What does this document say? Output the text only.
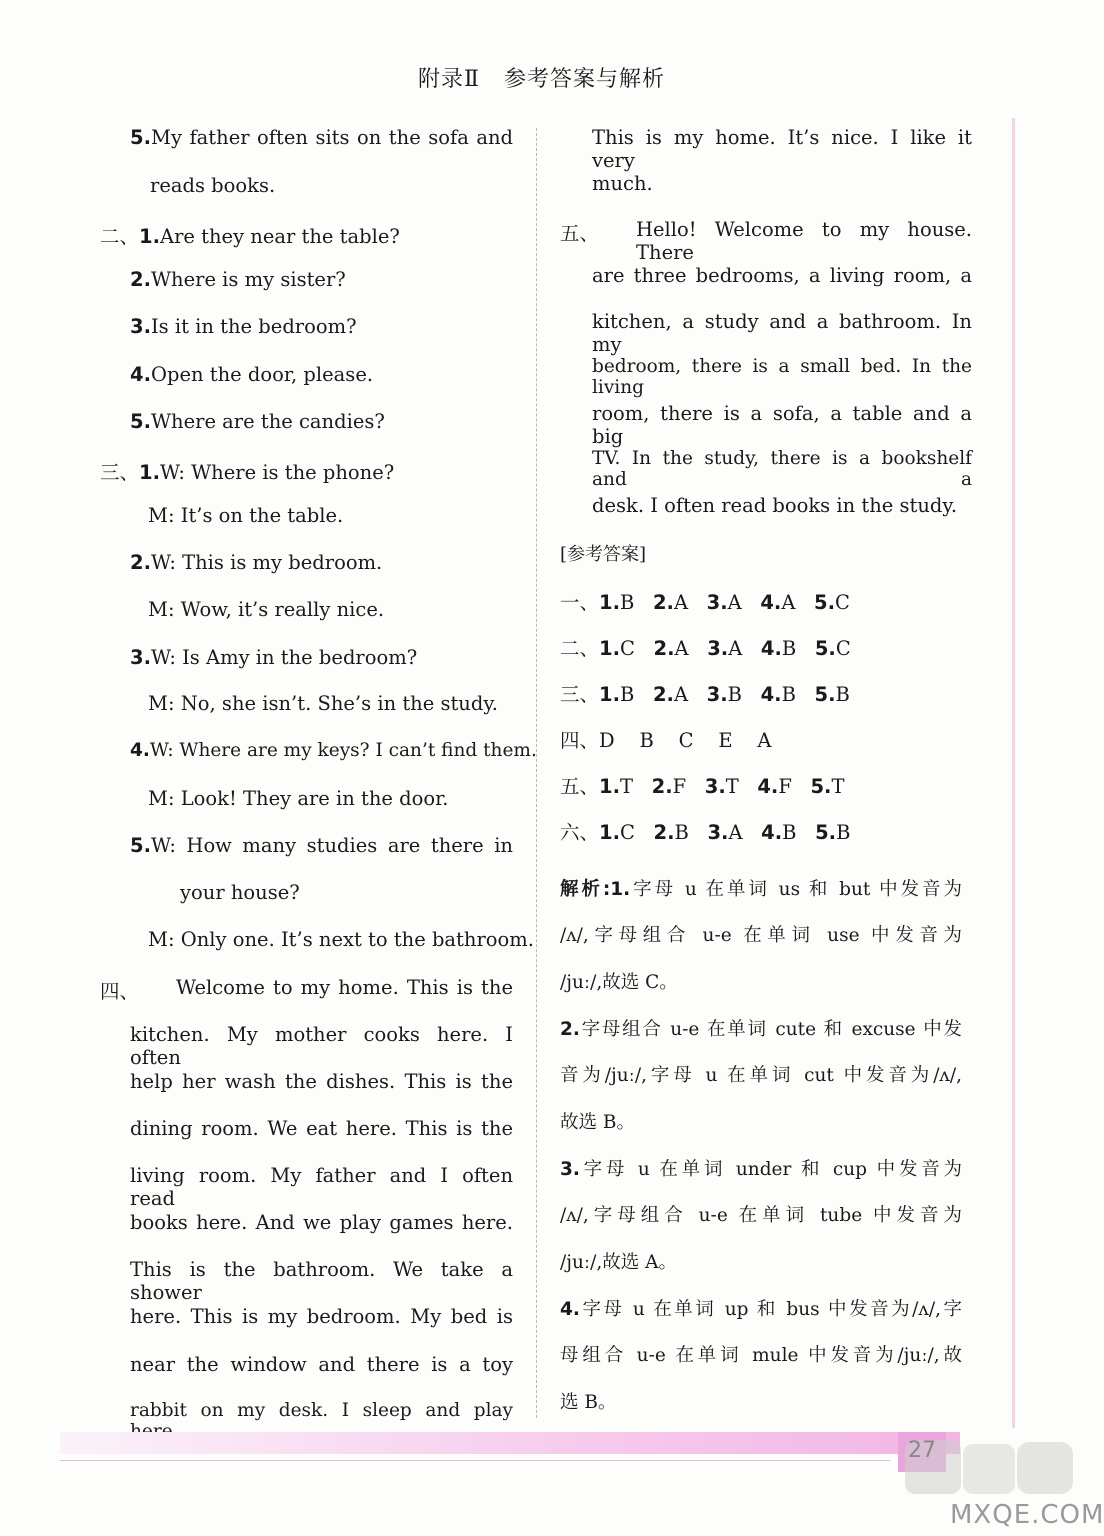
附录Ⅱ 参考答案与解析
5.My father often sits on the sofa and
reads books.
二、1.Are they near the table?
2.Where is my sister?
3.Is it in the bedroom?
4.Open the door, please.
5.Where are the candies?
三、1.W: Where is the phone?
M: It’s on the table.
2.W: This is my bedroom.
M: Wow, it’s really nice.
3.W: Is Amy in the bedroom?
M: No, she isn’t. She’s in the study.
4.W: Where are my keys? I can’t find them.
M: Look! They are in the door.
5.W: How many studies are there in
your house?
M: Only one. It’s next to the bathroom.
四、 Welcome to my home. This is the
kitchen. My mother cooks here. I often
help her wash the dishes. This is the
dining room. We eat here. This is the
living room. My father and I often read
books here. And we play games here.
This is the bathroom. We take a shower
here. This is my bedroom. My bed is
near the window and there is a toy
rabbit on my desk. I sleep and play
This is my home. It’s nice. I like it very
much.
五、 Hello! Welcome to my house. There
are three bedrooms, a living room, a
kitchen, a study and a bathroom. In my
bedroom, there is a small bed. In the living
room, there is a sofa, a table and a big
TV. In the study, there is a bookshelf and a
desk. I often read books in the study.
[参考答案]
一、1.B 2.A 3.A 4.A 5.C
二、1.C 2.A 3.A 4.B 5.C
三、1.B 2.A 3.B 4.B 5.B
四、D B C E A
五、1.T 2.F 3.T 4.F 5.T
六、1.C 2.B 3.A 4.B 5.B
解析:1.字母 u 在单词 us 和 but 中发音为
/ʌ/,字母组合 u-e 在单词 use 中发音为
/juː/,故选 C。
2.字母组合 u-e 在单词 cute 和 excuse 中发
音为/juː/,字母 u 在单词 cut 中发音为/ʌ/,
故选 B。
3.字母 u 在单词 under 和 cup 中发音为
/ʌ/,字母组合 u-e 在单词 tube 中发音为
/juː/,故选 A。
4.字母 u 在单词 up 和 bus 中发音为/ʌ/,字
母组合 u-e 在单词 mule 中发音为/juː/,故
选 B。
MXQE.COM
